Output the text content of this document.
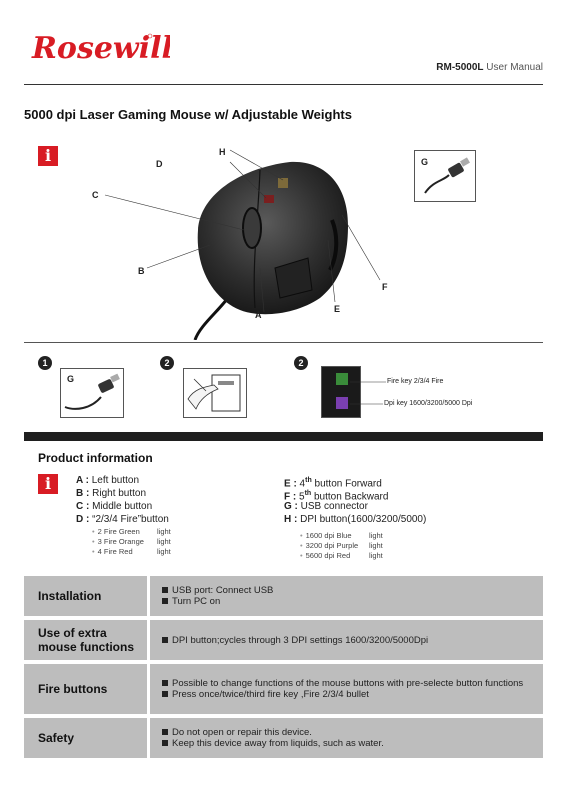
Rosewill
RM-5000L User Manual
5000 dpi Laser Gaming Mouse w/ Adjustable Weights
i	H
D
C
B
A
E
F
G
1
G
2	2
Fire key 2/3/4 Fire
Dpi key 1600/3200/5000 Dpi
Product information
i	A : Left button
B : Right button
C : Middle button
D : “2/3/4 Fire”button
• 2 Fire Green light
• 3 Fire Orange light
• 4 Fire Red	light
E : 4th button Forward
F : 5th button Backward
G : USB connector
H : DPI button(1600/3200/5000)
• 1600 dpi Blue light
• 3200 dpi Purple light
• 5600 dpi Red light
Installation	USB port: Connect USB
Turn PC on
Use of extra mouse functions	DPI button;cycles through 3 DPI settings 1600/3200/5000Dpi
Fire buttons	Possible to change functions of the mouse buttons with pre-selecte button functions
Press once/twice/third fire key ,Fire 2/3/4 bullet
Safety	Do not open or repair this device.
Keep this device away from liquids, such as water.
